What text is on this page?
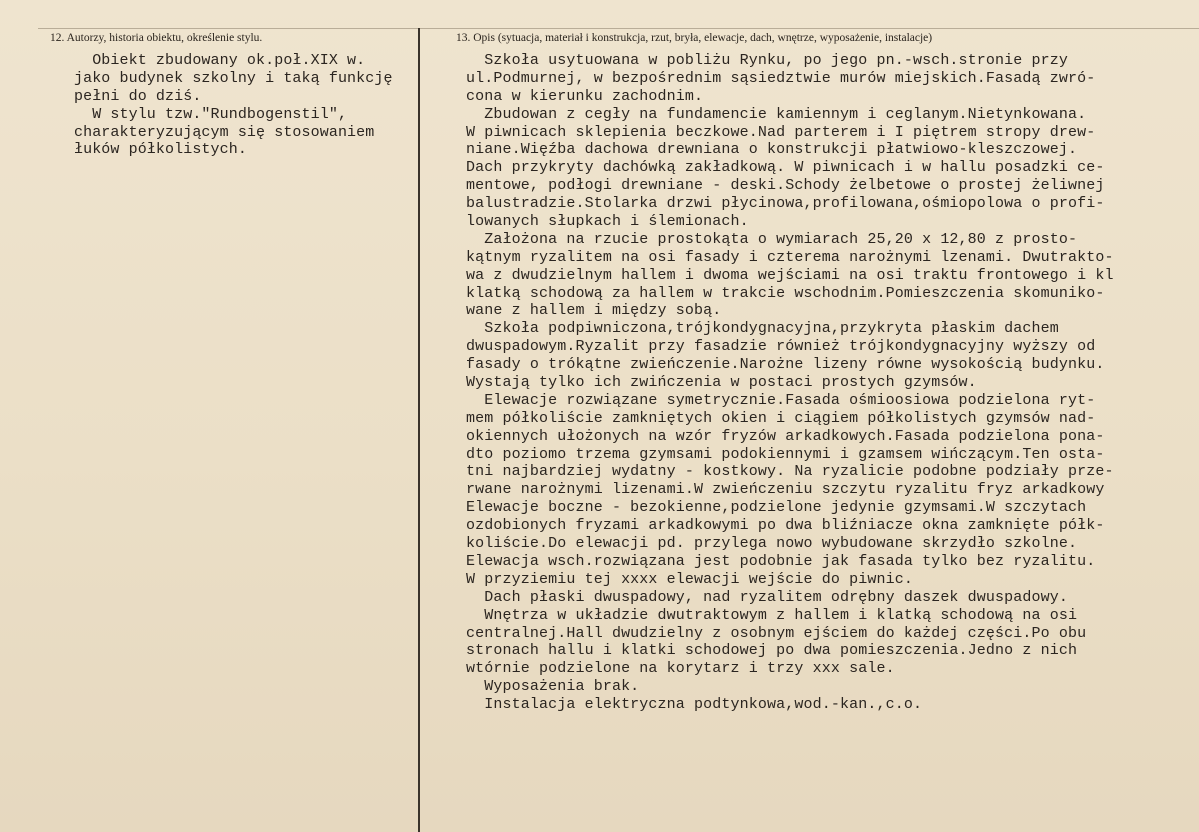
12. Autorzy, historia obiektu, określenie stylu.	13. Opis (sytuacja, materiał i konstrukcja, rzut, bryła, elewacje, dach, wnętrze, wyposażenie, instalacje)
Obiekt zbudowany ok.poł.XIX w.
jako budynek szkolny i taką funkcję
pełni do dziś.
W stylu tzw."Rundbogenstil",
charakteryzującym się stosowaniem
łuków półkolistych.
Szkoła usytuowana w pobliżu Rynku, po jego pn.-wsch.stronie przy
ul.Podmurnej, w bezpośrednim sąsiedztwie murów miejskich.Fasadą zwró-
cona w kierunku zachodnim.
Zbudowan z cegły na fundamencie kamiennym i ceglanym.Nietynkowana.
W piwnicach sklepienia beczkowe.Nad parterem i I piętrem stropy drew-
niane.Więźba dachowa drewniana o konstrukcji płatwiowo-kleszczowej.
Dach przykryty dachówką zakładkową. W piwnicach i w hallu posadzki ce-
mentowe, podłogi drewniane - deski.Schody żelbetowe o prostej żeliwnej
balustradzie.Stolarka drzwi płycinowa,profilowana,ośmiopolowa o profi-
lowanych słupkach i ślemionach.
Założona na rzucie prostokąta o wymiarach 25,20 x 12,80 z prosto-
kątnym ryzalitem na osi fasady i czterema narożnymi lzenami. Dwutrakto-
wa z dwudzielnym hallem i dwoma wejściami na osi traktu frontowego i kl
klatką schodową za hallem w trakcie wschodnim.Pomieszczenia skomuniko-
wane z hallem i między sobą.
Szkoła podpiwniczona,trójkondygnacyjna,przykryta płaskim dachem
dwuspadowym.Ryzalit przy fasadzie również trójkondygnacyjny wyższy od
fasady o trókątne zwieńczenie.Narożne lizeny równe wysokością budynku.
Wystają tylko ich zwińczenia w postaci prostych gzymsów.
Elewacje rozwiązane symetrycznie.Fasada ośmioosiowa podzielona ryt-
mem półkoliście zamkniętych okien i ciągiem półkolistych gzymsów nad-
okiennych ułożonych na wzór fryzów arkadkowych.Fasada podzielona pona-
dto poziomo trzema gzymsami podokiennymi i gzamsem wińczącym.Ten osta-
tni najbardziej wydatny - kostkowy. Na ryzalicie podobne podziały prze-
rwane narożnymi lizenami.W zwieńczeniu szczytu ryzalitu fryz arkadkowy
Elewacje boczne - bezokienne,podzielone jedynie gzymsami.W szczytach
ozdobionych fryzami arkadkowymi po dwa bliźniacze okna zamknięte półk-
koliście.Do elewacji pd. przylega nowo wybudowane skrzydło szkolne.
Elewacja wsch.rozwiązana jest podobnie jak fasada tylko bez ryzalitu.
W przyziemiu tej xxxx elewacji wejście do piwnic.
Dach płaski dwuspadowy, nad ryzalitem odrębny daszek dwuspadowy.
Wnętrza w układzie dwutraktowym z hallem i klatką schodową na osi
centralnej.Hall dwudzielny z osobnym ejściem do każdej części.Po obu
stronach hallu i klatki schodowej po dwa pomieszczenia.Jedno z nich
wtórnie podzielone na korytarz i trzy xxx sale.
Wyposażenia brak.
Instalacja elektryczna podtynkowa,wod.-kan.,c.o.
